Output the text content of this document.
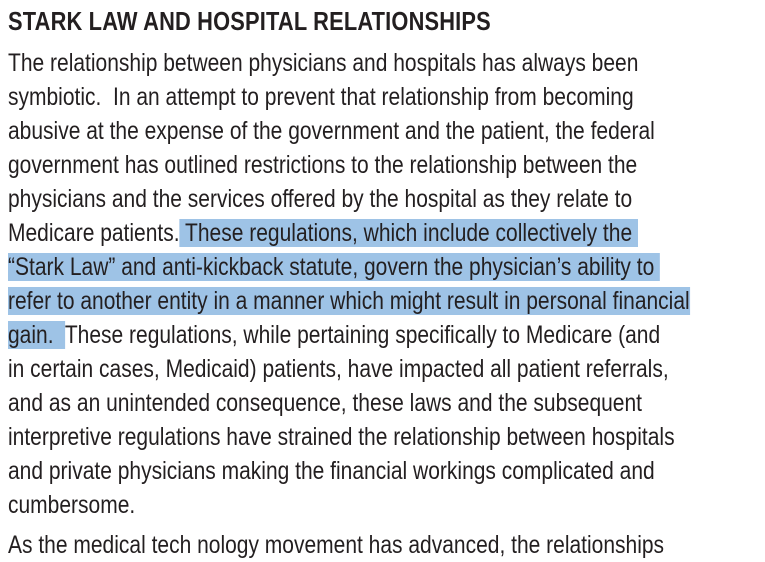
STARK LAW AND HOSPITAL RELATIONSHIPS

The relationship between physicians and hospitals has always been

symbiotic.  In an attempt to prevent that relationship from becoming

abusive at the expense of the government and the patient, the federal

government has outlined restrictions to the relationship between the

physicians and the services offered by the hospital as they relate to

Medicare patients. These regulations, which include collectively the

“Stark Law” and anti-kickback statute, govern the physician’s ability to

refer to another entity in a manner which might result in personal financial

gain.  These regulations, while pertaining specifically to Medicare (and

in certain cases, Medicaid) patients, have impacted all patient referrals,

and as an unintended consequence, these laws and the subsequent

interpretive regulations have strained the relationship between hospitals

and private physicians making the financial workings complicated and

cumbersome.

As the medical tech nology movement has advanced, the relationships
